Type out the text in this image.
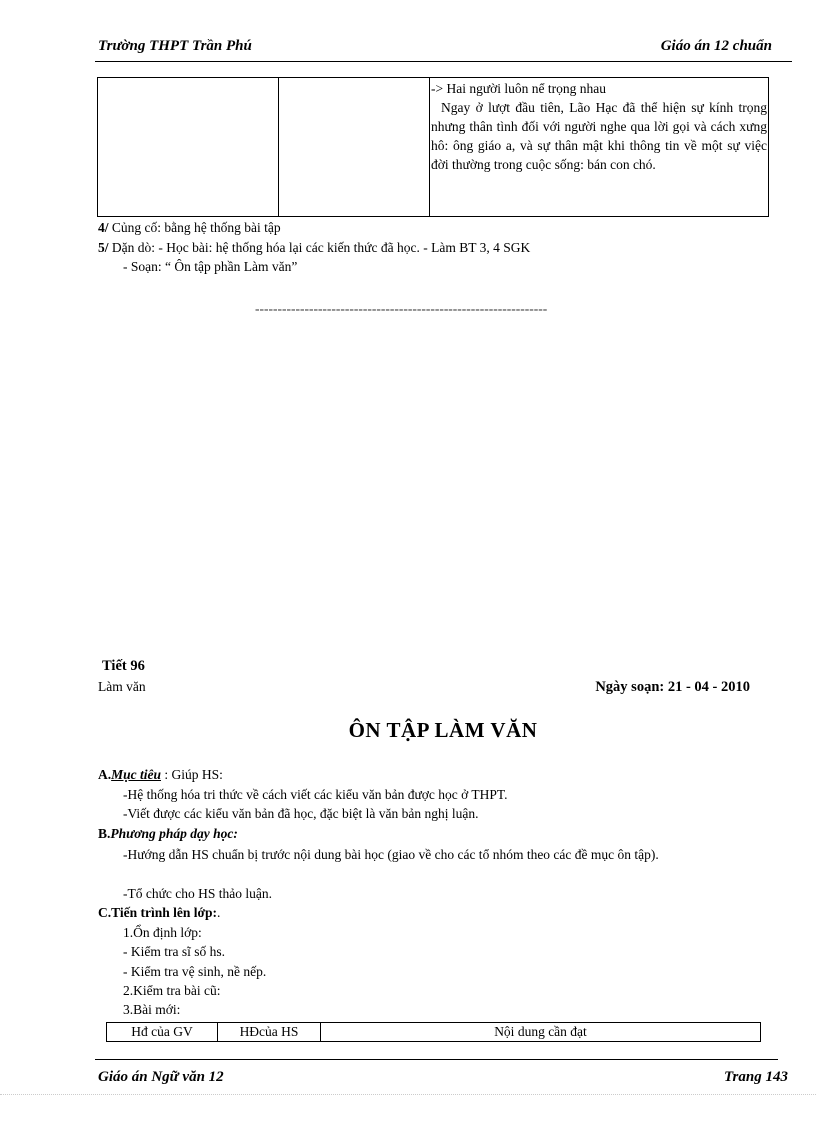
Trường THPT Trần Phú	Giáo án 12 chuẩn

-> Hai người luôn nể trọng nhau
Ngay ở lượt đầu tiên, Lão Hạc đã thể hiện sự kính trọng nhưng thân tình đối với người nghe qua lời gọi và cách xưng hô: ông giáo a, và sự thân mật khi thông tin về một sự việc đời thường trong cuộc sống: bán con chó.
4/ Củng cố: bằng hệ thống bài tập
5/ Dặn dò: - Học bài: hệ thống hóa lại các kiến thức đã học. - Làm BT 3, 4 SGK
- Soạn: “ Ôn tập phần Làm văn”
-----------------------------------------------------------------
Tiết 96
Làm văn	Ngày soạn: 21 - 04 - 2010
ÔN TẬP LÀM VĂN
A.Mục tiêu : Giúp HS:
-Hệ thống hóa tri thức về cách viết các kiểu văn bản được học ở THPT.
-Viết được các kiểu văn bản đã học, đặc biệt là văn bản nghị luận.
B.Phương pháp dạy học:
-Hướng dẫn HS chuẩn bị trước nội dung bài học (giao về cho các tổ nhóm theo các đề mục ôn tập).
-Tổ chức cho HS thảo luận.
C.Tiến trình lên lớp:.
1.Ổn định lớp:
- Kiểm tra sĩ số hs.
- Kiểm tra vệ sinh, nề nếp.
2.Kiểm tra bài cũ:
3.Bài mới:
Hđ của GV	HĐcủa HS	Nội dung cần đạt
Giáo án Ngữ văn 12	Trang 143
